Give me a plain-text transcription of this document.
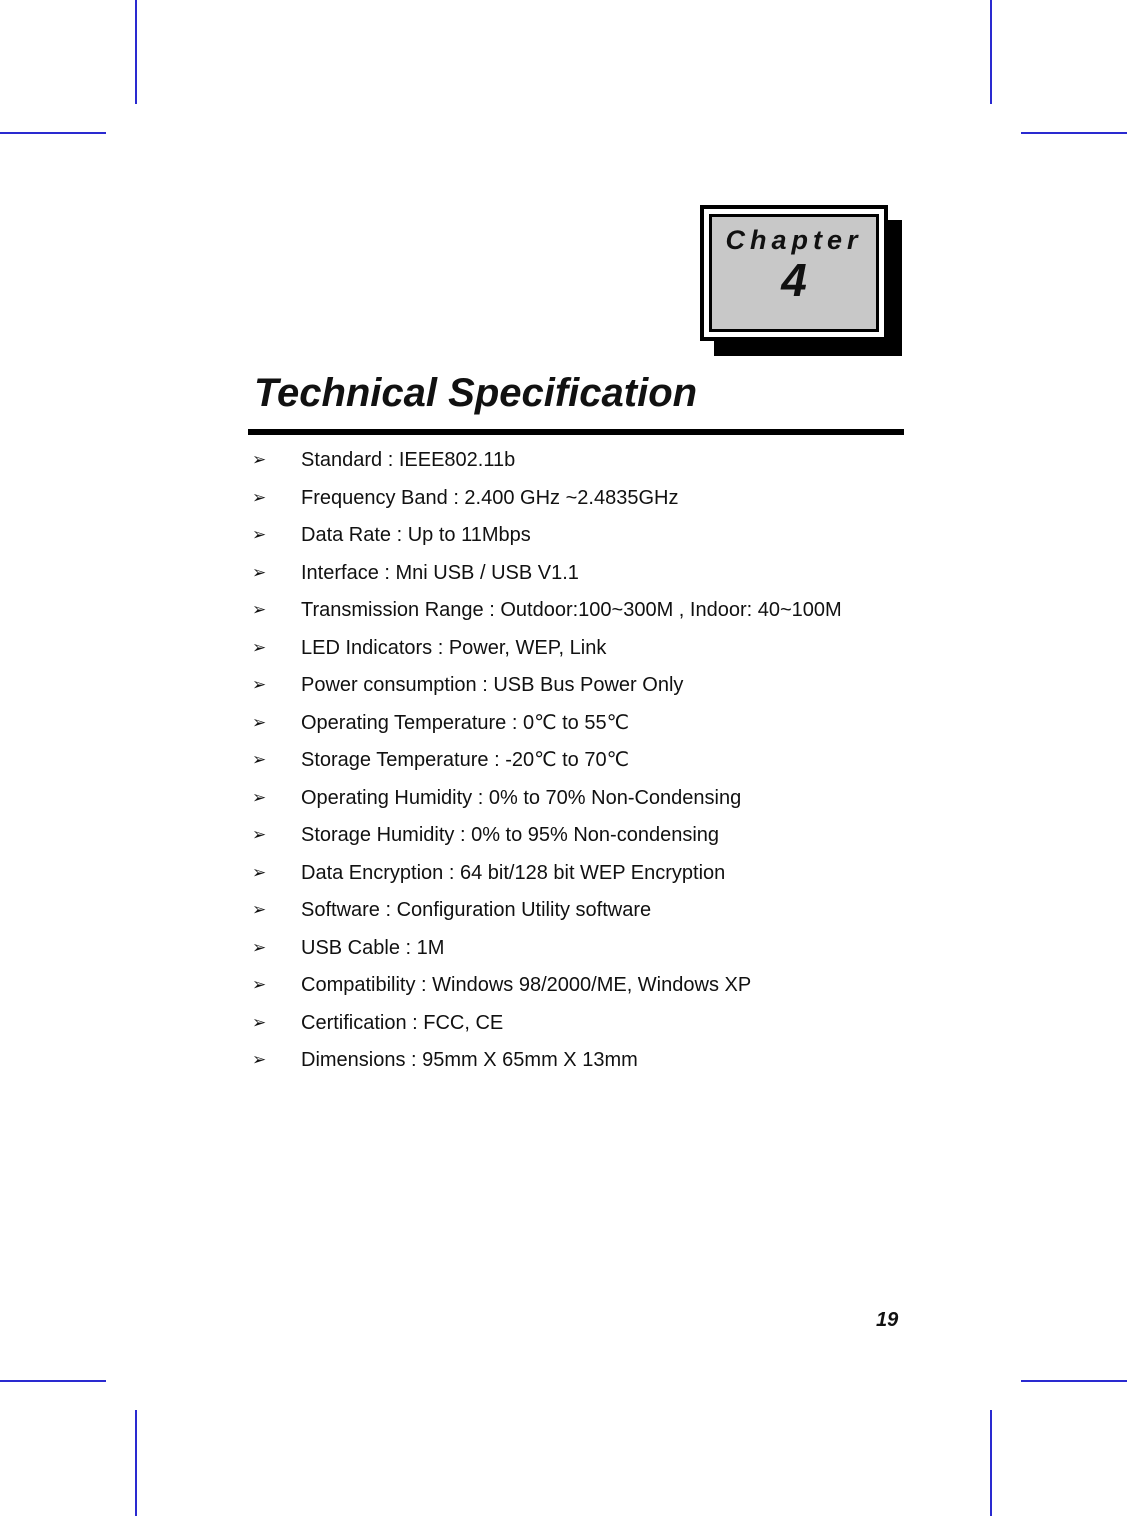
Chapter
4
Technical Specification
➢ Standard : IEEE802.11b
➢ Frequency Band : 2.400 GHz ~2.4835GHz
➢ Data Rate : Up to 11Mbps
➢ Interface : Mni USB / USB V1.1
➢ Transmission Range : Outdoor:100~300M , Indoor: 40~100M
➢ LED Indicators : Power, WEP, Link
➢ Power consumption : USB Bus Power Only
➢ Operating Temperature : 0℃ to 55℃
➢ Storage Temperature : -20℃ to 70℃
➢ Operating Humidity : 0% to 70% Non-Condensing
➢ Storage Humidity : 0% to 95% Non-condensing
➢ Data Encryption : 64 bit/128 bit WEP Encryption
➢ Software : Configuration Utility software
➢ USB Cable : 1M
➢ Compatibility : Windows 98/2000/ME, Windows XP
➢ Certification : FCC, CE
➢ Dimensions : 95mm X 65mm X 13mm
19
